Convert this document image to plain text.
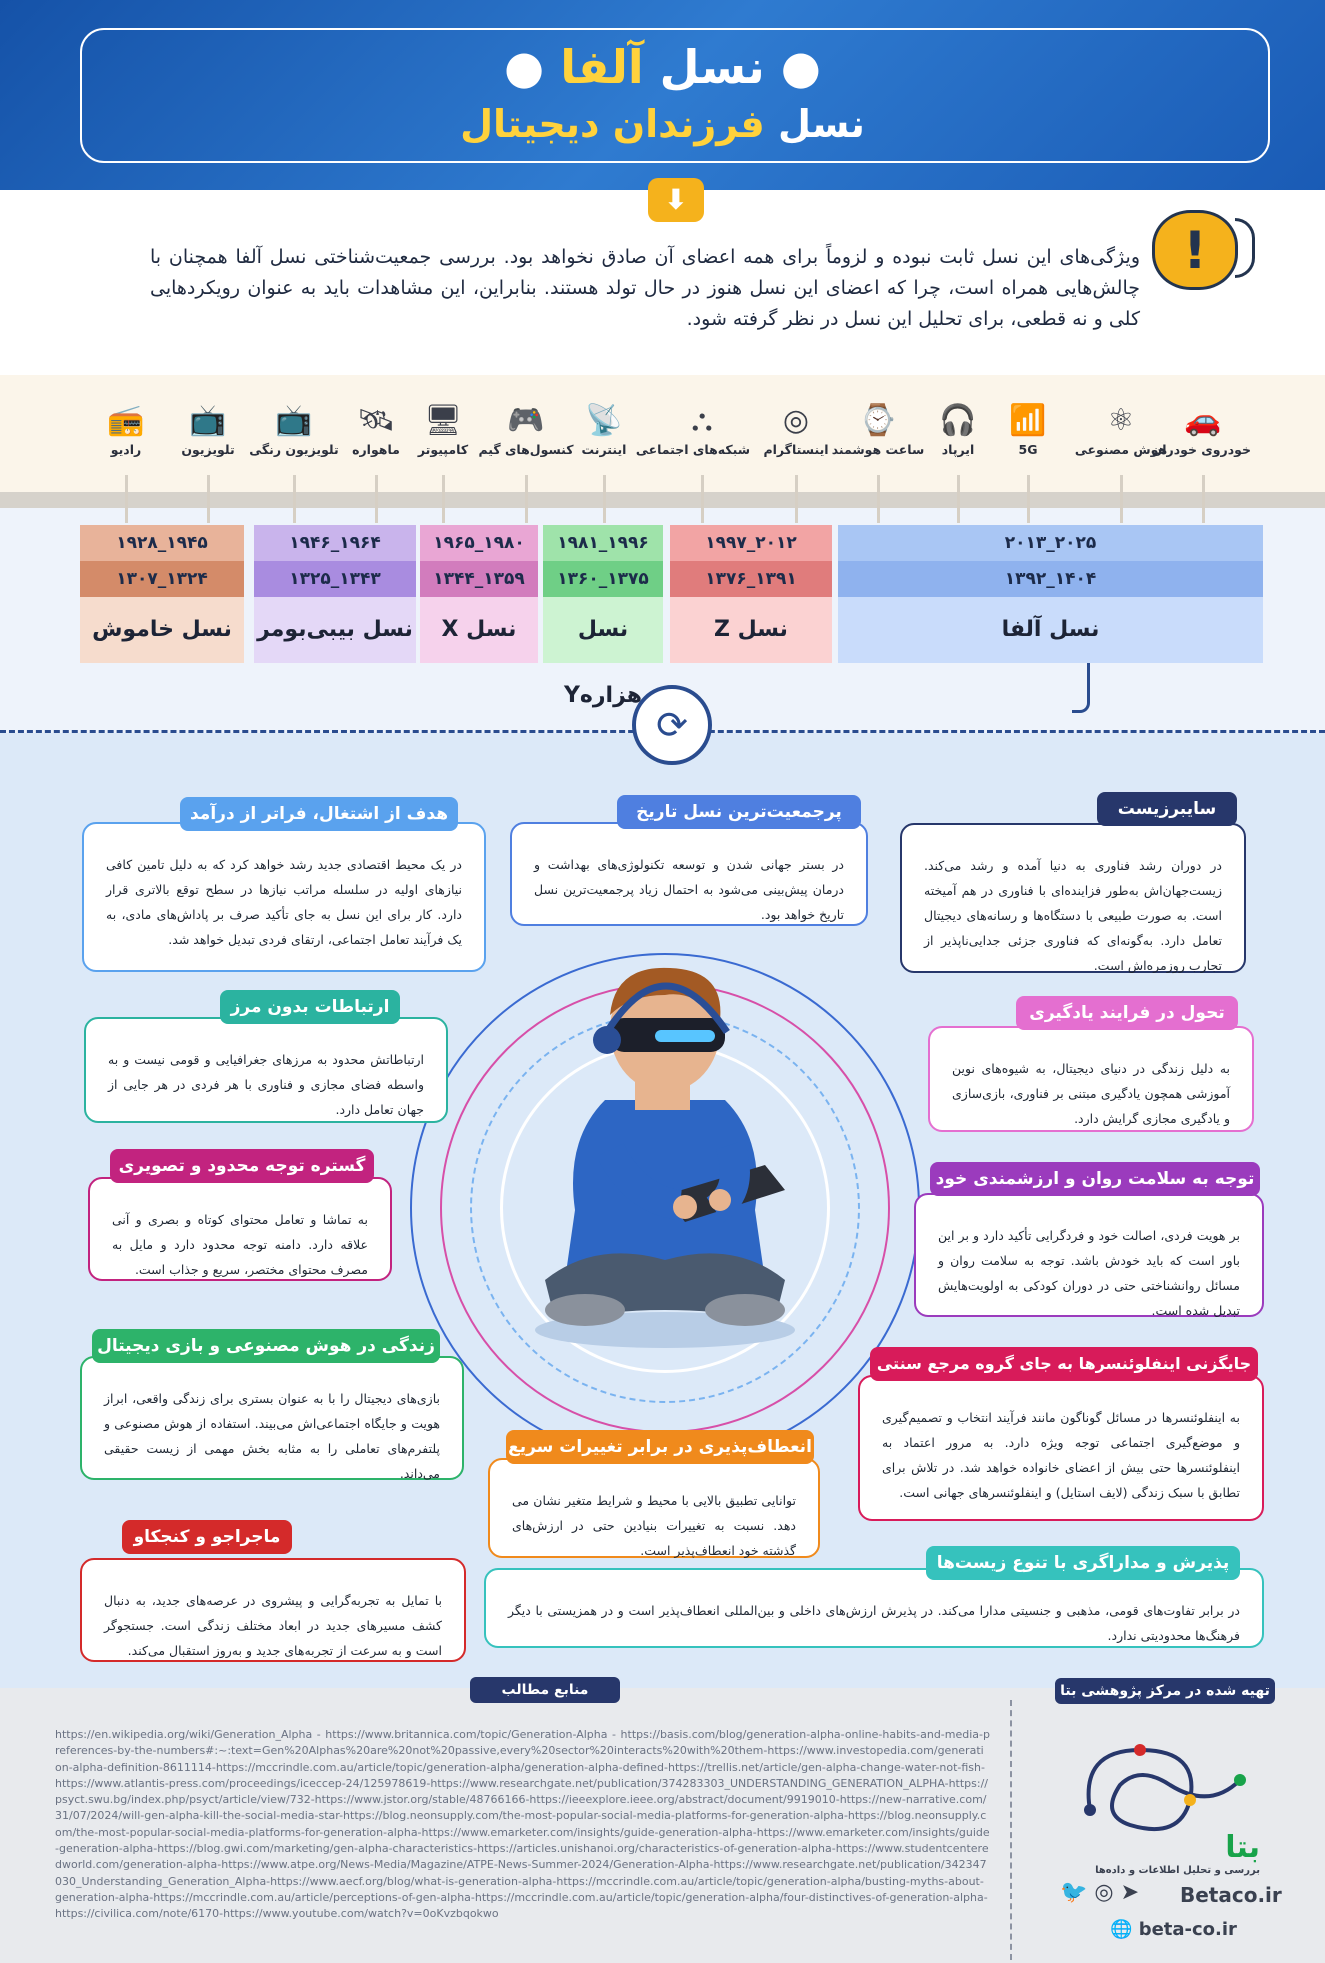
● نسل آلفا ●
نسل فرزندان دیجیتال
ویژگی‌های این نسل ثابت نبوده و لزوماً برای همه اعضای آن صادق نخواهد بود. بررسی جمعیت‌شناختی نسل آلفا همچنان با چالش‌هایی همراه است، چرا که اعضای این نسل هنوز در حال تولد هستند. بنابراین، این مشاهدات باید به عنوان رویکردهایی کلی و نه قطعی، برای تحلیل این نسل در نظر گرفته شود.
⬇
!
🚗
خودروی خودران
⚛
هوش مصنوعی
📶
5G
🎧
ایرپاد
⌚
ساعت هوشمند
◎
اینستاگرام
⛬
شبکه‌های اجتماعی
📡
اینترنت
🎮
کنسول‌های گیم
🖥
کامپیوتر
🛰
ماهواره
📺
تلویزیون رنگی
📺
تلویزیون
📻
رادیو
۲۰۱۳_۲۰۲۵
۱۳۹۲_۱۴۰۴
نسل آلفا
۱۹۹۷_۲۰۱۲
۱۳۷۶_۱۳۹۱
نسل Z
۱۹۸۱_۱۹۹۶
۱۳۶۰_۱۳۷۵
نسل هزاره‌Y
۱۹۶۵_۱۹۸۰
۱۳۴۴_۱۳۵۹
نسل X
۱۹۴۶_۱۹۶۴
۱۳۲۵_۱۳۴۳
نسل بیبی‌بومر
۱۹۲۸_۱۹۴۵
۱۳۰۷_۱۳۲۴
نسل خاموش
⟳
در دوران رشد فناوری به دنیا آمده و رشد می‌کند. زیست‌جهان‌اش به‌طور فزاینده‌ای با فناوری در هم آمیخته است. به صورت طبیعی با دستگاه‌ها و رسانه‌های دیجیتال تعامل دارد. به‌گونه‌ای که فناوری جزئی جدایی‌ناپذیر از تجارب روزمره‌اش است.
سایبرزیست
در بستر جهانی شدن و توسعه تکنولوژی‌های بهداشت و درمان پیش‌بینی می‌شود به احتمال زیاد پرجمعیت‌ترین نسل تاریخ خواهد بود.
پرجمعیت‌ترین نسل تاریخ
در یک محیط اقتصادی جدید رشد خواهد کرد که به دلیل تامین کافی نیازهای اولیه در سلسله مراتب نیازها در سطح توقع بالاتری قرار دارد. کار برای این نسل به جای تأکید صرف بر پاداش‌های مادی، به یک فرآیند تعامل اجتماعی، ارتقای فردی تبدیل خواهد شد.
هدف از اشتغال، فراتر از درآمد
ارتباطاتش محدود به مرزهای جغرافیایی و قومی نیست و به واسطه فضای مجازی و فناوری با هر فردی در هر جایی از جهان تعامل دارد.
ارتباطات بدون مرز
به دلیل زندگی در دنیای دیجیتال، به شیوه‌های نوین آموزشی همچون یادگیری مبتنی بر فناوری، بازی‌سازی و یادگیری مجازی گرایش دارد.
تحول در فرایند یادگیری
به تماشا و تعامل محتوای کوتاه و بصری و آنی علاقه دارد. دامنه توجه محدود دارد و مایل به مصرف محتوای مختصر، سریع و جذاب است.
گستره توجه محدود و تصویری
بر هویت فردی، اصالت خود و فردگرایی تأکید دارد و بر این باور است که باید خودش باشد. توجه به سلامت روان و مسائل روانشناختی حتی در دوران کودکی به اولویت‌هایش تبدیل شده است.
توجه به سلامت روان و ارزشمندی خود
بازی‌های دیجیتال را با به عنوان بستری برای زندگی واقعی، ابراز هویت و جایگاه اجتماعی‌اش می‌بیند. استفاده از هوش مصنوعی و پلتفرم‌های تعاملی را به مثابه بخش مهمی از زیست حقیقی می‌داند.
زندگی در هوش مصنوعی و بازی دیجیتال
به اینفلوئنسرها در مسائل گوناگون مانند فرآیند انتخاب و تصمیم‌گیری و موضع‌گیری اجتماعی توجه ویژه دارد. به مرور اعتماد به اینفلوئنسرها حتی بیش از اعضای خانواده خواهد شد. در تلاش برای تطابق با سبک زندگی (لایف استایل) و اینفلوئنسرهای جهانی است.
جایگزنی اینفلوئنسرها به جای گروه مرجع سنتی
توانایی تطبیق بالایی با محیط و شرایط متغیر نشان می دهد. نسبت به تغییرات بنیادین حتی در ارزش‌های گذشته خود انعطاف‌پذیر است.
انعطاف‌پذیری در برابر تغییرات سریع
با تمایل به تجربه‌گرایی و پیشروی در عرصه‌های جدید، به دنبال کشف مسیرهای جدید در ابعاد مختلف زندگی است. جستجوگر است و به سرعت از تجربه‌های جدید و به‌روز استقبال می‌کند.
ماجراجو و کنجکاو
در برابر تفاوت‌های قومی، مذهبی و جنسیتی مدارا می‌کند. در پذیرش ارزش‌های داخلی و بین‌المللی انعطاف‌پذیر است و در همزیستی با دیگر فرهنگ‌ها محدودیتی ندارد.
پذیرش و مداراگری با تنوع زیست‌ها
منابع مطالب	تهیه شده در مرکز پژوهشی بتا
https://en.wikipedia.org/wiki/Generation_Alpha - https://www.britannica.com/topic/Generation-Alpha - https://basis.com/blog/generation-alpha-online-habits-and-media-preferences-by-the-numbers#:~:text=Gen%20Alphas%20are%20not%20passive,every%20sector%20interacts%20with%20them-https://www.investopedia.com/generation-alpha-definition-8611114-https://mccrindle.com.au/article/topic/generation-alpha/generation-alpha-defined-https://trellis.net/article/gen-alpha-change-water-not-fish-https://www.atlantis-press.com/proceedings/iceccep-24/125978619-https://www.researchgate.net/publication/374283303_UNDERSTANDING_GENERATION_ALPHA-https://psyct.swu.bg/index.php/psyct/article/view/732-https://www.jstor.org/stable/48766166-https://ieeexplore.ieee.org/abstract/document/9919010-https://new-narrative.com/31/07/2024/will-gen-alpha-kill-the-social-media-star-https://blog.neonsupply.com/the-most-popular-social-media-platforms-for-generation-alpha-https://blog.neonsupply.com/the-most-popular-social-media-platforms-for-generation-alpha-https://www.emarketer.com/insights/guide-generation-alpha-https://www.emarketer.com/insights/guide-generation-alpha-https://blog.gwi.com/marketing/gen-alpha-characteristics-https://articles.unishanoi.org/characteristics-of-generation-alpha-https://www.studentcenteredworld.com/generation-alpha-https://www.atpe.org/News-Media/Magazine/ATPE-News-Summer-2024/Generation-Alpha-https://www.researchgate.net/publication/342347030_Understanding_Generation_Alpha-https://www.aecf.org/blog/what-is-generation-alpha-https://mccrindle.com.au/article/topic/generation-alpha/busting-myths-about-generation-alpha-https://mccrindle.com.au/article/perceptions-of-gen-alpha-https://mccrindle.com.au/article/topic/generation-alpha/four-distinctives-of-generation-alpha-https://civilica.com/note/6170-https://www.youtube.com/watch?v=0oKvzbqokwo
بتا
بررسی و تحلیل اطلاعات و داده‌ها
🐦 ◎ ➤ Betaco.ir
🌐 beta-co.ir
